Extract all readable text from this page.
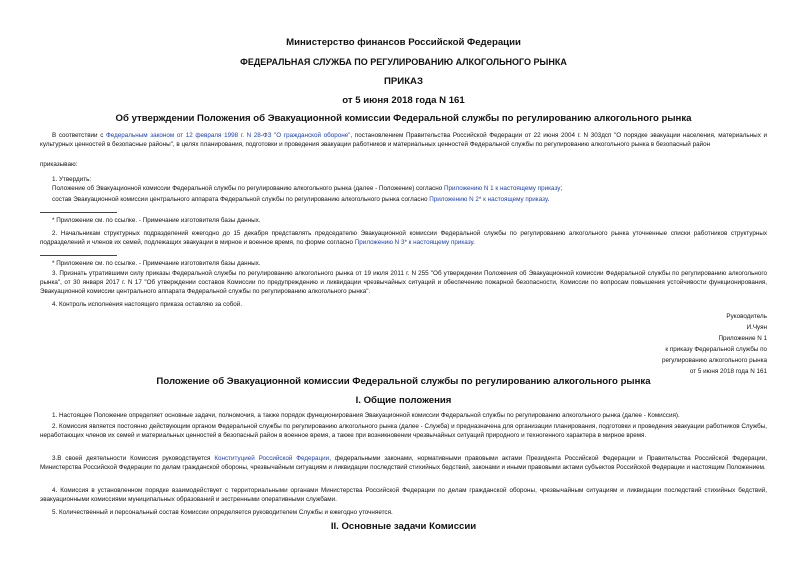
Министерство финансов Российской Федерации
ФЕДЕРАЛЬНАЯ СЛУЖБА ПО РЕГУЛИРОВАНИЮ АЛКОГОЛЬНОГО РЫНКА
ПРИКАЗ
от 5 июня 2018 года N 161
Об утверждении Положения об Эвакуационной комиссии Федеральной службы по регулированию алкогольного рынка
В соответствии с Федеральным законом от 12 февраля 1998 г. N 28-ФЗ "О гражданской обороне", постановлением Правительства Российской Федерации от 22 июня 2004 г. N 303дсп "О порядке эвакуации населения, материальных и культурных ценностей в безопасные районы", в целях планирования, подготовки и проведения эвакуации работников и материальных ценностей Федеральной службы по регулированию алкогольного рынка в безопасный район
приказываю:
1. Утвердить:
Положение об Эвакуационной комиссии Федеральной службы по регулированию алкогольного рынка (далее - Положение) согласно Приложению N 1 к настоящему приказу;
состав Эвакуационной комиссии центрального аппарата Федеральной службы по регулированию алкогольного рынка согласно Приложению N 2* к настоящему приказу.
* Приложение см. по ссылке. - Примечание изготовителя базы данных.
2. Начальникам структурных подразделений ежегодно до 15 декабря представлять председателю Эвакуационной комиссии Федеральной службы по регулированию алкогольного рынка уточненные списки работников структурных подразделений и членов их семей, подлежащих эвакуации в мирное и военное время, по форме согласно Приложению N 3* к настоящему приказу.
* Приложение см. по ссылке. - Примечание изготовителя базы данных.
3. Признать утратившими силу приказы Федеральной службы по регулированию алкогольного рынка от 19 июля 2011 г. N 255 "Об утверждении Положения об Эвакуационной комиссии Федеральной службы по регулированию алкогольного рынка", от 30 января 2017 г. N 17 "Об утверждении составов Комиссии по предупреждению и ликвидации чрезвычайных ситуаций и обеспечению пожарной безопасности, Комиссии по вопросам повышения устойчивости функционирования, Эвакуационной комиссии центрального аппарата Федеральной службы по регулированию алкогольного рынка".
4. Контроль исполнения настоящего приказа оставляю за собой.
Руководитель
И.Чуян
Приложение N 1
к приказу Федеральной службы по
регулированию алкогольного рынка
от 5 июня 2018 года N 161
Положение об Эвакуационной комиссии Федеральной службы по регулированию алкогольного рынка
I. Общие положения
1. Настоящее Положение определяет основные задачи, полномочия, а также порядок функционирования Эвакуационной комиссии Федеральной службы по регулированию алкогольного рынка (далее - Комиссия).
2. Комиссия является постоянно действующим органом Федеральной службы по регулированию алкогольного рынка (далее - Служба) и предназначена для организации планирования, подготовки и проведения эвакуации работников Службы, неработающих членов их семей и материальных ценностей в безопасный район в военное время, а также при возникновении чрезвычайных ситуаций природного и техногенного характера в мирное время.
3.В своей деятельности Комиссия руководствуется Конституцией Российской Федерации, федеральными законами, нормативными правовыми актами Президента Российской Федерации и Правительства Российской Федерации, Министерства Российской Федерации по делам гражданской обороны, чрезвычайным ситуациям и ликвидации последствий стихийных бедствий, законами и иными правовыми актами субъектов Российской Федерации и настоящим Положением.
4. Комиссия в установленном порядке взаимодействует с территориальными органами Министерства Российской Федерации по делам гражданской обороны, чрезвычайным ситуациям и ликвидации последствий стихийных бедствий, эвакуационными комиссиями муниципальных образований и экстренными оперативными службами.
5. Количественный и персональный состав Комиссии определяется руководителем Службы и ежегодно уточняется.
II. Основные задачи Комиссии
